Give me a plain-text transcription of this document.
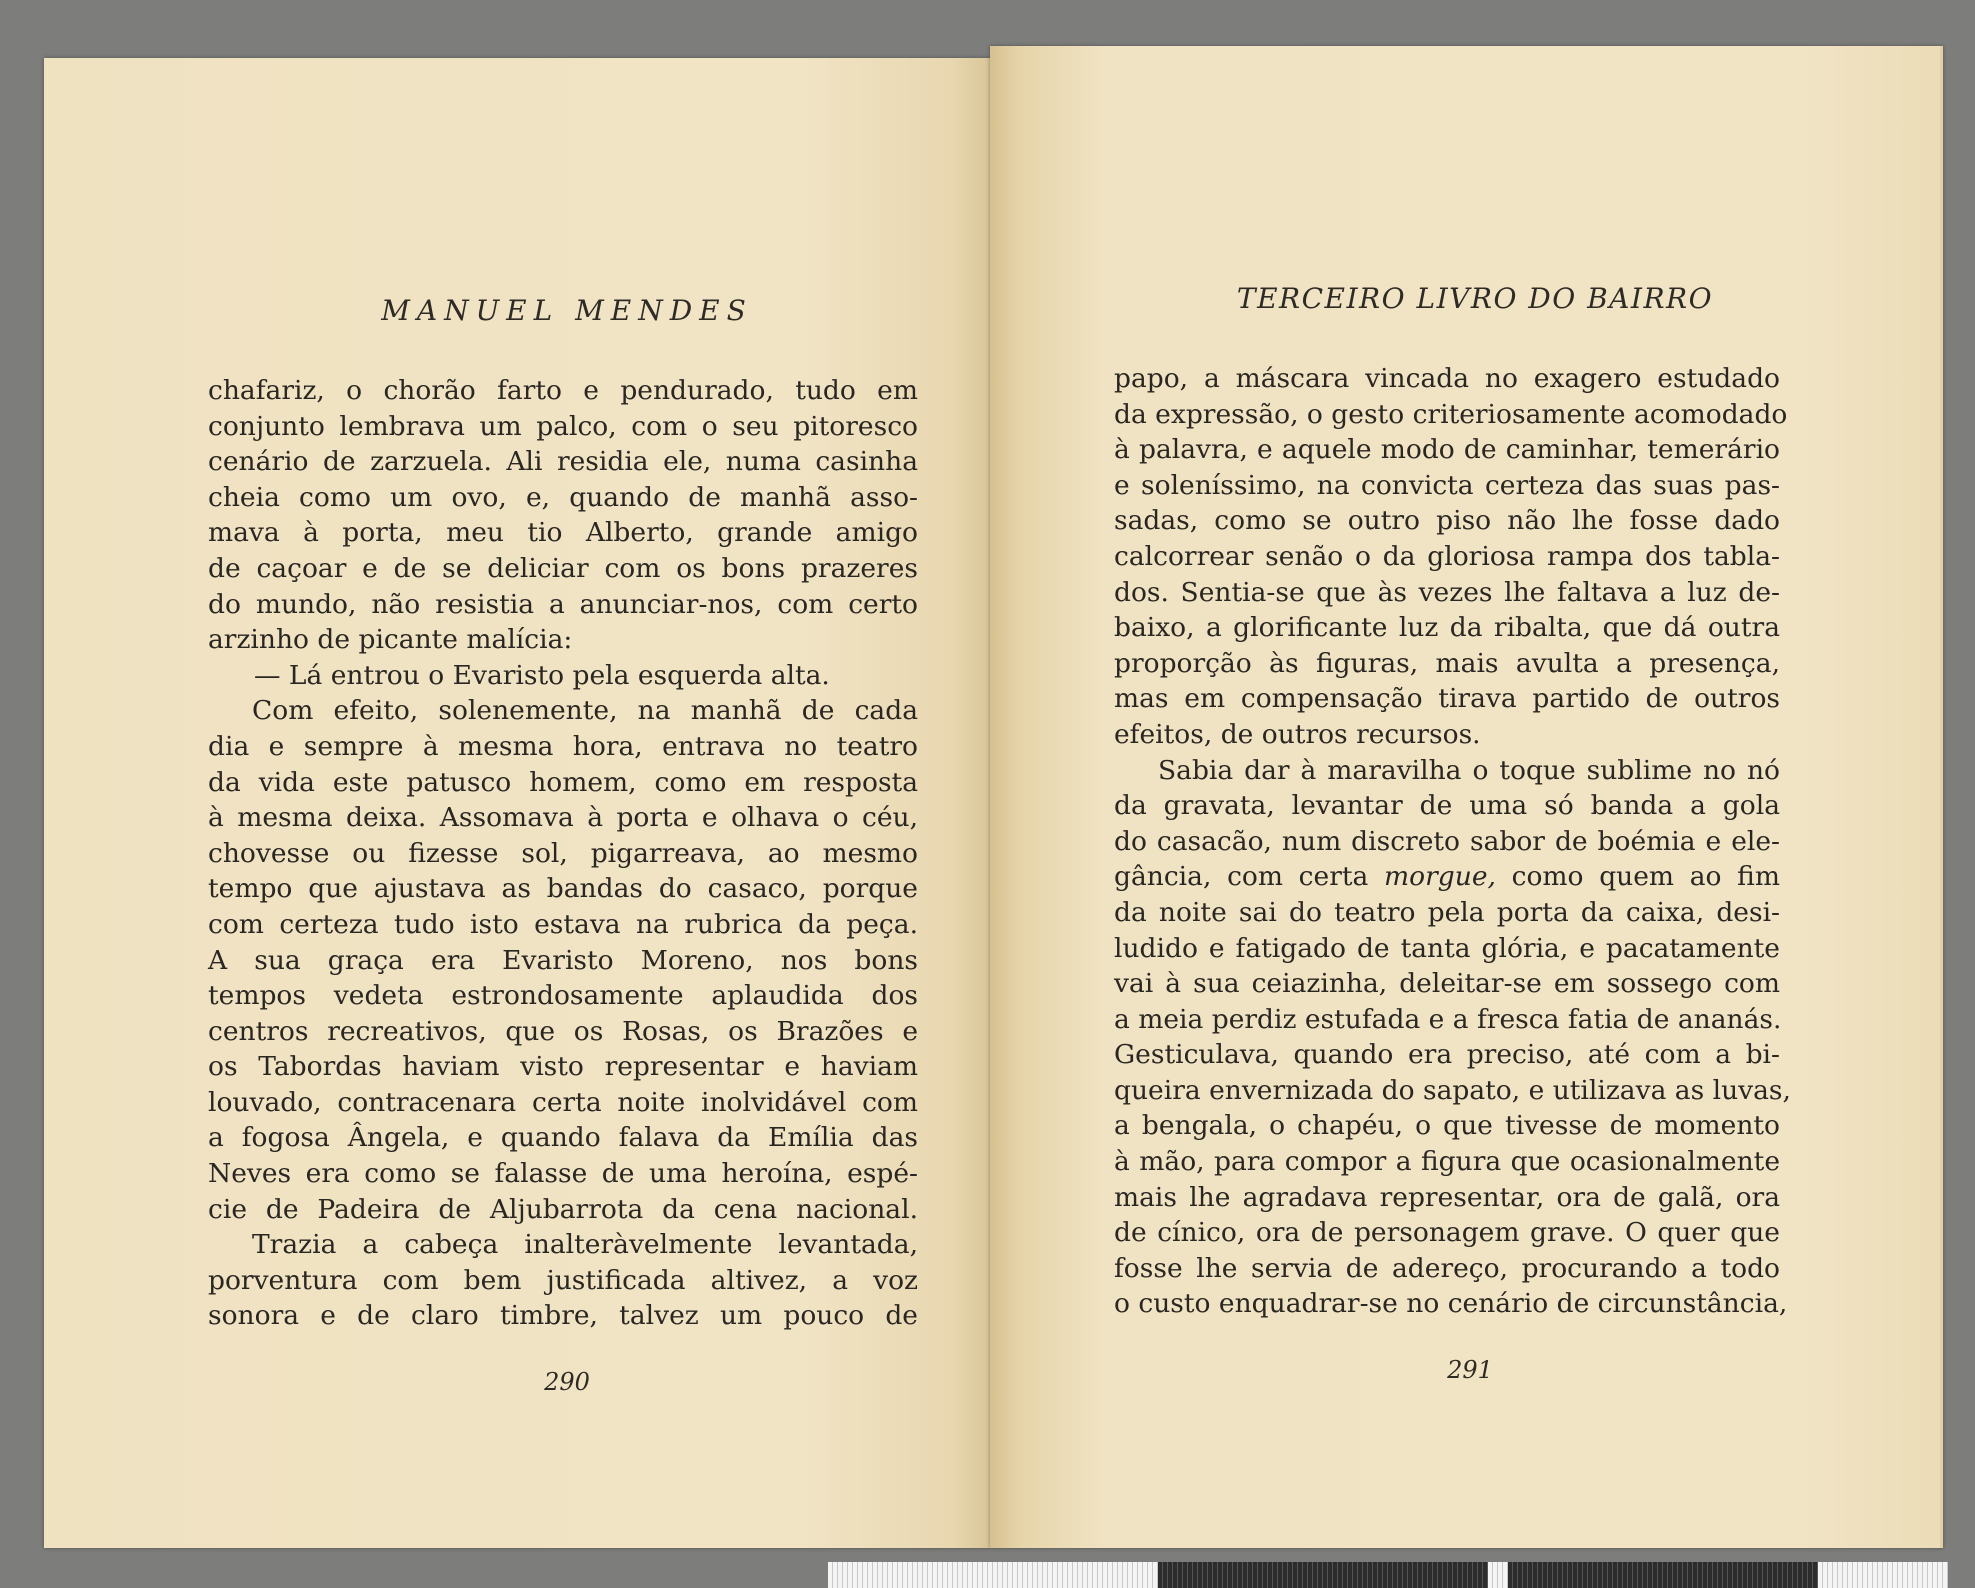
MANUEL MENDES
chafariz, o chorão farto e pendurado, tudo em
conjunto lembrava um palco, com o seu pitoresco
cenário de zarzuela. Ali residia ele, numa casinha
cheia como um ovo, e, quando de manhã asso-
mava à porta, meu tio Alberto, grande amigo
de caçoar e de se deliciar com os bons prazeres
do mundo, não resistia a anunciar-nos, com certo
arzinho de picante malícia:
— Lá entrou o Evaristo pela esquerda alta.
Com efeito, solenemente, na manhã de cada
dia e sempre à mesma hora, entrava no teatro
da vida este patusco homem, como em resposta
à mesma deixa. Assomava à porta e olhava o céu,
chovesse ou fizesse sol, pigarreava, ao mesmo
tempo que ajustava as bandas do casaco, porque
com certeza tudo isto estava na rubrica da peça.
A sua graça era Evaristo Moreno, nos bons
tempos vedeta estrondosamente aplaudida dos
centros recreativos, que os Rosas, os Brazões e
os Tabordas haviam visto representar e haviam
louvado, contracenara certa noite inolvidável com
a fogosa Ângela, e quando falava da Emília das
Neves era como se falasse de uma heroína, espé-
cie de Padeira de Aljubarrota da cena nacional.
Trazia a cabeça inalteràvelmente levantada,
porventura com bem justificada altivez, a voz
sonora e de claro timbre, talvez um pouco de
290
TERCEIRO LIVRO DO BAIRRO
papo, a máscara vincada no exagero estudado
da expressão, o gesto criteriosamente acomodado
à palavra, e aquele modo de caminhar, temerário
e soleníssimo, na convicta certeza das suas pas-
sadas, como se outro piso não lhe fosse dado
calcorrear senão o da gloriosa rampa dos tabla-
dos. Sentia-se que às vezes lhe faltava a luz de-
baixo, a glorificante luz da ribalta, que dá outra
proporção às figuras, mais avulta a presença,
mas em compensação tirava partido de outros
efeitos, de outros recursos.
Sabia dar à maravilha o toque sublime no nó
da gravata, levantar de uma só banda a gola
do casacão, num discreto sabor de boémia e ele-
gância, com certa morgue, como quem ao fim
da noite sai do teatro pela porta da caixa, desi-
ludido e fatigado de tanta glória, e pacatamente
vai à sua ceiazinha, deleitar-se em sossego com
a meia perdiz estufada e a fresca fatia de ananás.
Gesticulava, quando era preciso, até com a bi-
queira envernizada do sapato, e utilizava as luvas,
a bengala, o chapéu, o que tivesse de momento
à mão, para compor a figura que ocasionalmente
mais lhe agradava representar, ora de galã, ora
de cínico, ora de personagem grave. O quer que
fosse lhe servia de adereço, procurando a todo
o custo enquadrar-se no cenário de circunstância,
291
